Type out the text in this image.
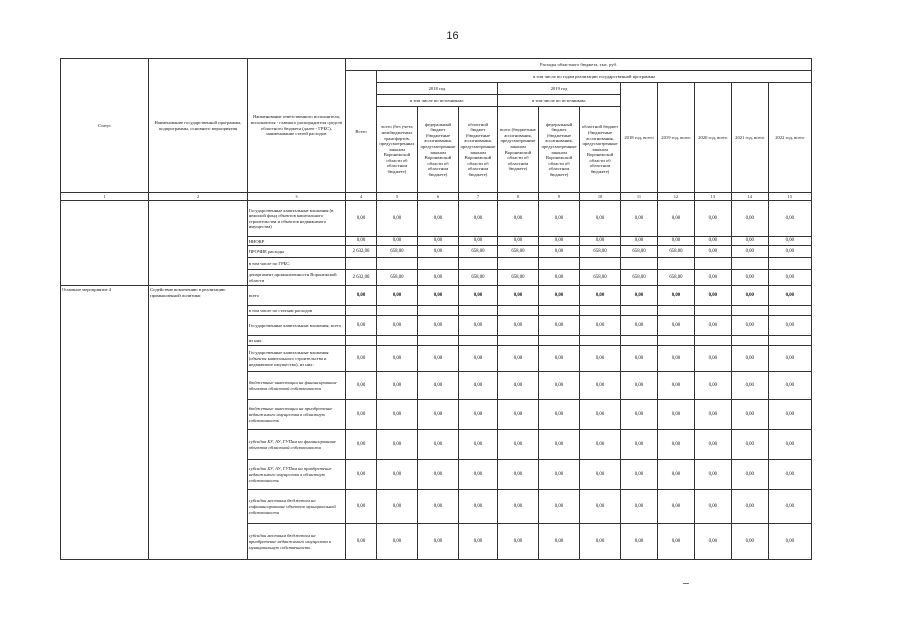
16
Статус	Наименование государственной программы, подпрограммы, основного мероприятия	Наименование ответственного исполнителя, исполнителя - главного распорядителя средств областного бюджета (далее - ГРБС), наименование статей расходов	Расходы областного бюджета, тыс. руб.											
			Всего	в том числе по годам реализации государственной программы										
				2018 год			2019 год			2018 год, всего	2019 год, всего	2020 год, всего	2021 год, всего	2022 год, всего
				в том числе по источникам:			в том числе по источникам:							
				всего (без учета межбюджетных трансфертов, предусмотренных законом Воронежской области об областном бюджете)	федеральный бюджет (бюджетные ассигнования, предусмотренные законом Воронежской области об областном бюджете)	областной бюджет (бюджетные ассигнования, предусмотренные законом Воронежской области об областном бюджете)	всего (бюджетные ассигнования, предусмотренные законом Воронежской области об областном бюджете)	федеральный бюджет (бюджетные ассигнования, предусмотренные законом Воронежской области об областном бюджете)	областной бюджет (бюджетные ассигнования, предусмотренные законом Воронежской области об областном бюджете)					
1	2	3	4	5	6	7	8	9	10	11	12	13	14	15
		Государственные капитальные вложения (в нежилой фонд объектов капитального строительства и объектов недвижимого имущества)	0,00	0,00	0,00	0,00	0,00	0,00	0,00	0,00	0,00	0,00	0,00	0,00
		НИОКР	0,00	0,00	0,00	0,00	0,00	0,00	0,00	0,00	0,00	0,00	0,00	0,00
		ПРОЧИЕ расходы	2 632,00	658,00	0,00	658,00	658,00	0,00	658,00	658,00	658,00	0,00	0,00	0,00
		в том числе по ГРБС:												
		департамент промышленности Воронежской области	2 632,00	658,00	0,00	658,00	658,00	0,00	658,00	658,00	658,00	0,00	0,00	0,00
Основное мероприятие 4	Содействие вовлечению в реализацию промышленной политики	всего	0,00	0,00	0,00	0,00	0,00	0,00	0,00	0,00	0,00	0,00	0,00	0,00
		в том числе по статьям расходов												
		Государственные капитальные вложения, всего	0,00	0,00	0,00	0,00	0,00	0,00	0,00	0,00	0,00	0,00	0,00	0,00
		из них:												
		Государственные капитальные вложения (объекты капитального строительства и недвижимое имущество), из них:	0,00	0,00	0,00	0,00	0,00	0,00	0,00	0,00	0,00	0,00	0,00	0,00
		бюджетные инвестиции на финансирование объектов областной собственности	0,00	0,00	0,00	0,00	0,00	0,00	0,00	0,00	0,00	0,00	0,00	0,00
		бюджетные инвестиции на приобретение недвижимого имущества в областную собственность	0,00	0,00	0,00	0,00	0,00	0,00	0,00	0,00	0,00	0,00	0,00	0,00
		субсидии БУ, АУ, ГУПам на финансирование объектов областной собственности	0,00	0,00	0,00	0,00	0,00	0,00	0,00	0,00	0,00	0,00	0,00	0,00
		субсидии БУ, АУ, ГУПам на приобретение недвижимого имущества в областную собственность	0,00	0,00	0,00	0,00	0,00	0,00	0,00	0,00	0,00	0,00	0,00	0,00
		субсидии местным бюджетам на софинансирование объектов муниципальной собственности	0,00	0,00	0,00	0,00	0,00	0,00	0,00	0,00	0,00	0,00	0,00	0,00
		субсидии местным бюджетам на приобретение недвижимого имущества в муниципальную собственность	0,00	0,00	0,00	0,00	0,00	0,00	0,00	0,00	0,00	0,00	0,00	0,00
